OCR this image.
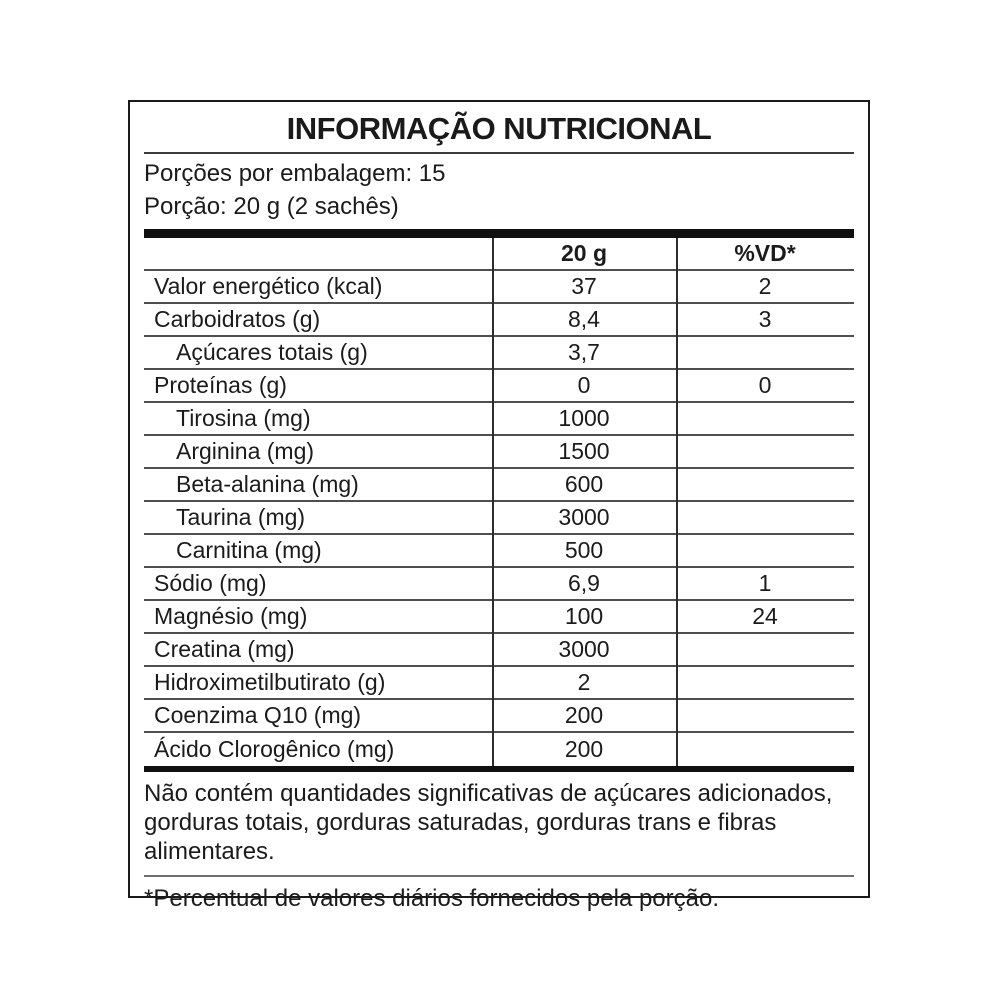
INFORMAÇÃO NUTRICIONAL
Porções por embalagem: 15
Porção: 20 g (2 sachês)
20 g	%VD*
Valor energético (kcal)	37	2
Carboidratos (g)	8,4	3
Açúcares totais (g)	3,7
Proteínas (g)	0	0
Tirosina (mg)	1000
Arginina (mg)	1500
Beta-alanina (mg)	600
Taurina (mg)	3000
Carnitina (mg)	500
Sódio (mg)	6,9	1
Magnésio (mg)	100	24
Creatina (mg)	3000
Hidroximetilbutirato (g)	2
Coenzima Q10 (mg)	200
Ácido Clorogênico (mg)	200
Não contém quantidades significativas de açúcares adicionados, gorduras totais, gorduras saturadas, gorduras trans e fibras alimentares.
*Percentual de valores diários fornecidos pela porção.
